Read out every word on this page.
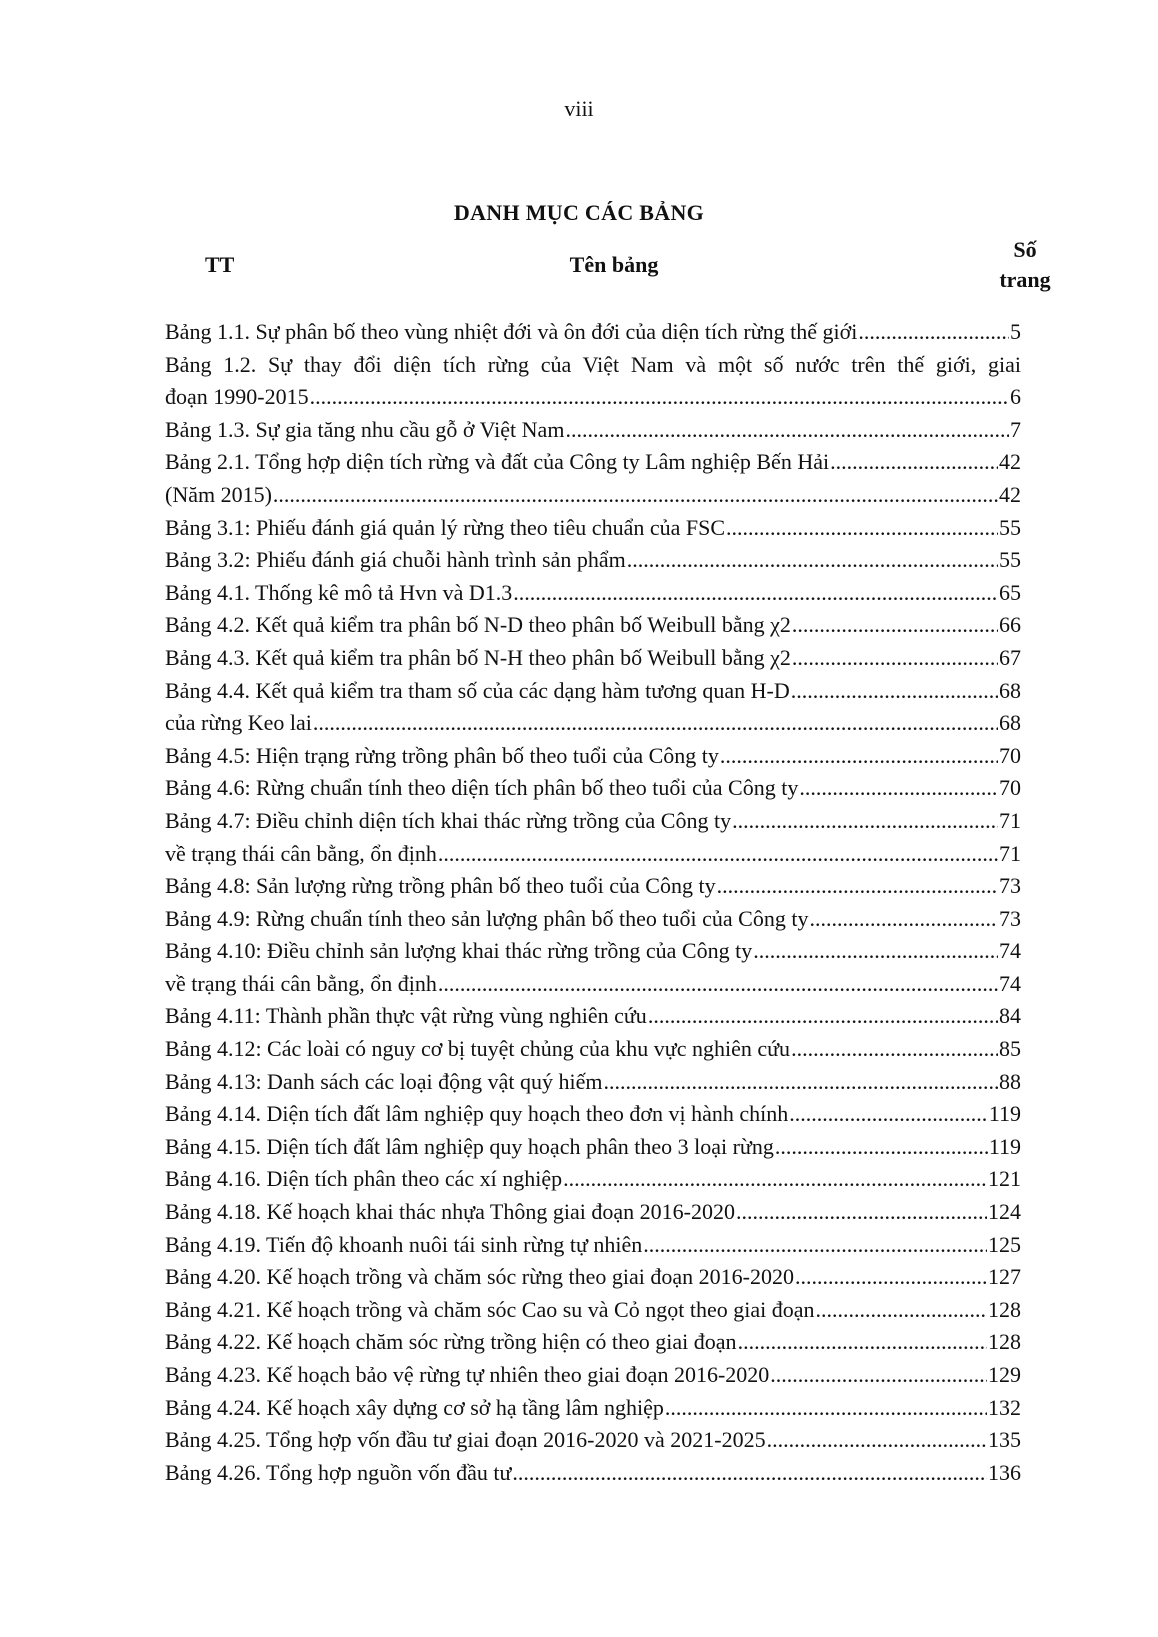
viii
DANH MỤC CÁC BẢNG
TT	Tên bảng
Số
trang
Bảng 1.1. Sự phân bố theo vùng nhiệt đới và ôn đới của diện tích rừng thế giới .....	5
Bảng 1.2. Sự thay đổi diện tích rừng của Việt Nam và một số nước trên thế giới, giai
đoạn 1990-2015 .....	6
Bảng 1.3. Sự gia tăng nhu cầu gỗ ở Việt Nam .....	7
Bảng 2.1. Tổng hợp diện tích rừng và đất của Công ty Lâm nghiệp Bến Hải .....	42
(Năm 2015) .....	42
Bảng 3.1: Phiếu đánh giá quản lý rừng theo tiêu chuẩn của FSC .....	55
Bảng 3.2: Phiếu đánh giá chuỗi hành trình sản phẩm .....	55
Bảng 4.1. Thống kê mô tả Hvn và D1.3 .....	65
Bảng 4.2. Kết quả kiểm tra phân bố N-D theo phân bố Weibull bằng χ2 .....	66
Bảng 4.3. Kết quả kiểm tra phân bố N-H theo phân bố Weibull bằng χ2 .....	67
Bảng 4.4. Kết quả kiểm tra tham số của các dạng hàm tương quan H-D .....	68
của rừng Keo lai .....	68
Bảng 4.5: Hiện trạng rừng trồng phân bố theo tuổi của Công ty .....	70
Bảng 4.6: Rừng chuẩn tính theo diện tích phân bố theo tuổi của Công ty .....	70
Bảng 4.7: Điều chỉnh diện tích khai thác rừng trồng của Công ty .....	71
về trạng thái cân bằng, ổn định .....	71
Bảng 4.8: Sản lượng rừng trồng phân bố theo tuổi của Công ty .....	73
Bảng 4.9: Rừng chuẩn tính theo sản lượng phân bố theo tuổi của Công ty .....	73
Bảng 4.10: Điều chỉnh sản lượng khai thác rừng trồng của Công ty .....	74
về trạng thái cân bằng, ổn định .....	74
Bảng 4.11: Thành phần thực vật rừng vùng nghiên cứu .....	84
Bảng 4.12: Các loài có nguy cơ bị tuyệt chủng của khu vực nghiên cứu .....	85
Bảng 4.13: Danh sách các loại động vật quý hiếm .....	88
Bảng 4.14. Diện tích đất lâm nghiệp quy hoạch theo đơn vị hành chính .....	119
Bảng 4.15. Diện tích đất lâm nghiệp quy hoạch phân theo 3 loại rừng .....	119
Bảng 4.16. Diện tích phân theo các xí nghiệp .....	121
Bảng 4.18. Kế hoạch khai thác nhựa Thông giai đoạn 2016-2020 .....	124
Bảng 4.19. Tiến độ khoanh nuôi tái sinh rừng tự nhiên .....	125
Bảng 4.20. Kế hoạch trồng và chăm sóc rừng theo giai đoạn 2016-2020 .....	127
Bảng 4.21. Kế hoạch trồng và chăm sóc Cao su và Cỏ ngọt theo giai đoạn .....	128
Bảng 4.22. Kế hoạch chăm sóc rừng trồng hiện có theo giai đoạn .....	128
Bảng 4.23. Kế hoạch bảo vệ rừng tự nhiên theo giai đoạn 2016-2020 .....	129
Bảng 4.24. Kế hoạch xây dựng cơ sở hạ tầng lâm nghiệp .....	132
Bảng 4.25. Tổng hợp vốn đầu tư giai đoạn 2016-2020 và 2021-2025 .....	135
Bảng 4.26. Tổng hợp nguồn vốn đầu tư .....	136
